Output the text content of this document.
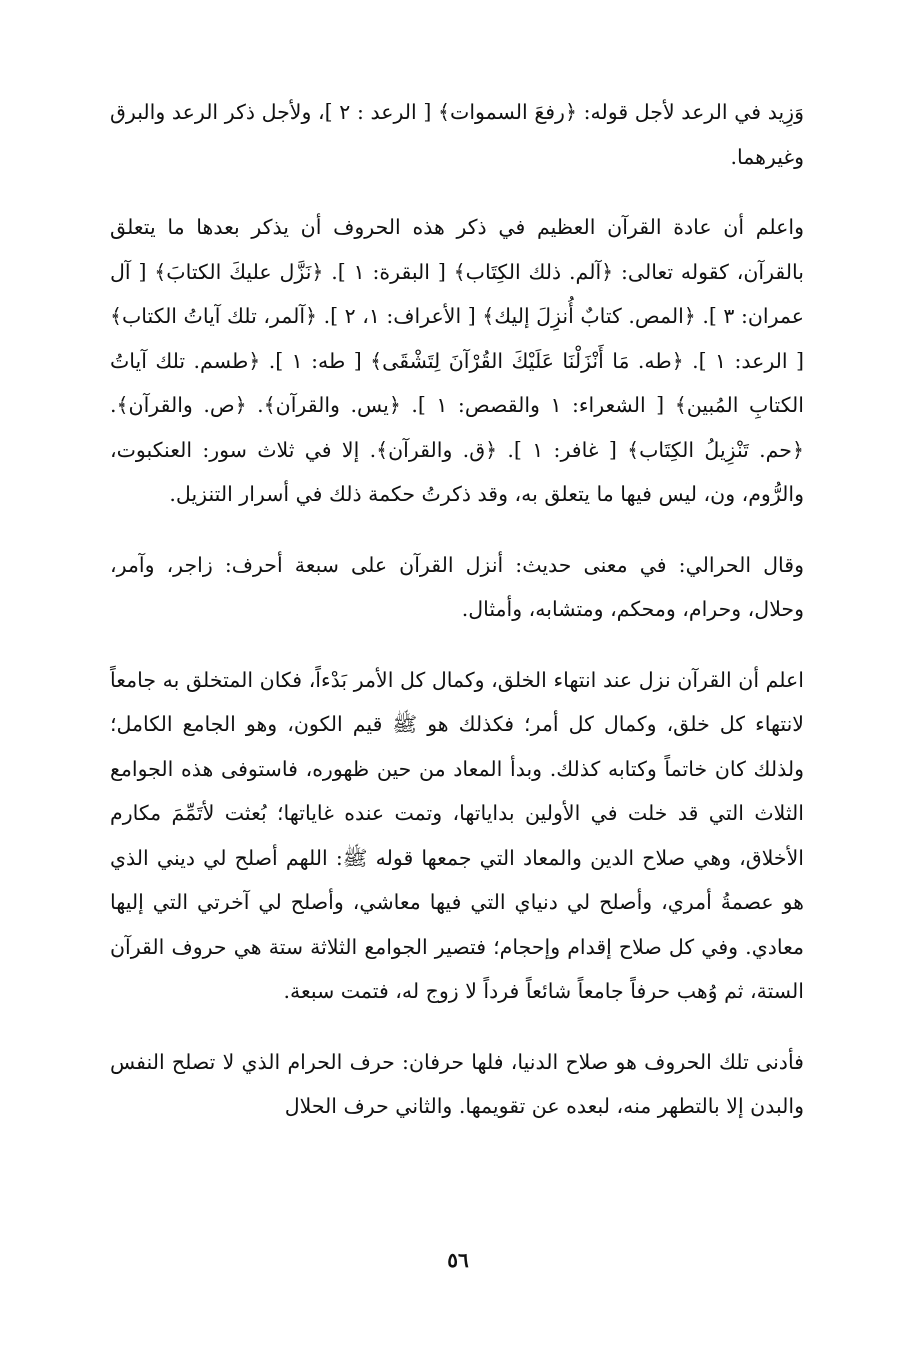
وَزِيد في الرعد لأجل قوله: ﴿رفعَ السموات﴾ [ الرعد : ٢ ]، ولأجل ذكر الرعد والبرق وغيرهما.

واعلم أن عادة القرآن العظيم في ذكر هذه الحروف أن يذكر بعدها ما يتعلق بالقرآن، كقوله تعالى: ﴿آلم. ذلك الكِتَاب﴾ [ البقرة: ١ ]. ﴿نَزَّل عليكَ الكتابَ﴾ [ آل عمران: ٣ ]. ﴿المص. كتابٌ أُنزِلَ إليك﴾ [ الأعراف: ١، ٢ ]. ﴿آلمر، تلك آياتُ الكتاب﴾ [ الرعد: ١ ]. ﴿طه. مَا أَنْزَلْنَا عَلَيْكَ القُرْآنَ لِتَشْقَى﴾ [ طه: ١ ]. ﴿طسم. تلك آياتُ الكتابِ المُبين﴾ [ الشعراء: ١ والقصص: ١ ]. ﴿يس. والقرآن﴾. ﴿ص. والقرآن﴾. ﴿حم. تَنْزِيلُ الكِتَاب﴾ [ غافر: ١ ]. ﴿ق. والقرآن﴾. إلا في ثلاث سور: العنكبوت، والرُّوم، ون، ليس فيها ما يتعلق به، وقد ذكرتُ حكمة ذلك في أسرار التنزيل.

وقال الحرالي: في معنى حديث: أنزل القرآن على سبعة أحرف: زاجر، وآمر، وحلال، وحرام، ومحكم، ومتشابه، وأمثال.

اعلم أن القرآن نزل عند انتهاء الخلق، وكمال كل الأمر بَدْءاً، فكان المتخلق به جامعاً لانتهاء كل خلق، وكمال كل أمر؛ فكذلك هو ﷺ قيم الكون، وهو الجامع الكامل؛ ولذلك كان خاتماً وكتابه كذلك. وبدأ المعاد من حين ظهوره، فاستوفى هذه الجوامع الثلاث التي قد خلت في الأولين بداياتها، وتمت عنده غاياتها؛ بُعثت لأتَمِّمَ مكارم الأخلاق، وهي صلاح الدين والمعاد التي جمعها قوله ﷺ: اللهم أصلح لي ديني الذي هو عصمةُ أمري، وأصلح لي دنياي التي فيها معاشي، وأصلح لي آخرتي التي إليها معادي. وفي كل صلاح إقدام وإحجام؛ فتصير الجوامع الثلاثة ستة هي حروف القرآن الستة، ثم وُهب حرفاً جامعاً شائعاً فرداً لا زوج له، فتمت سبعة.

فأدنى تلك الحروف هو صلاح الدنيا، فلها حرفان: حرف الحرام الذي لا تصلح النفس والبدن إلا بالتطهر منه، لبعده عن تقويمها. والثاني حرف الحلال

٥٦
